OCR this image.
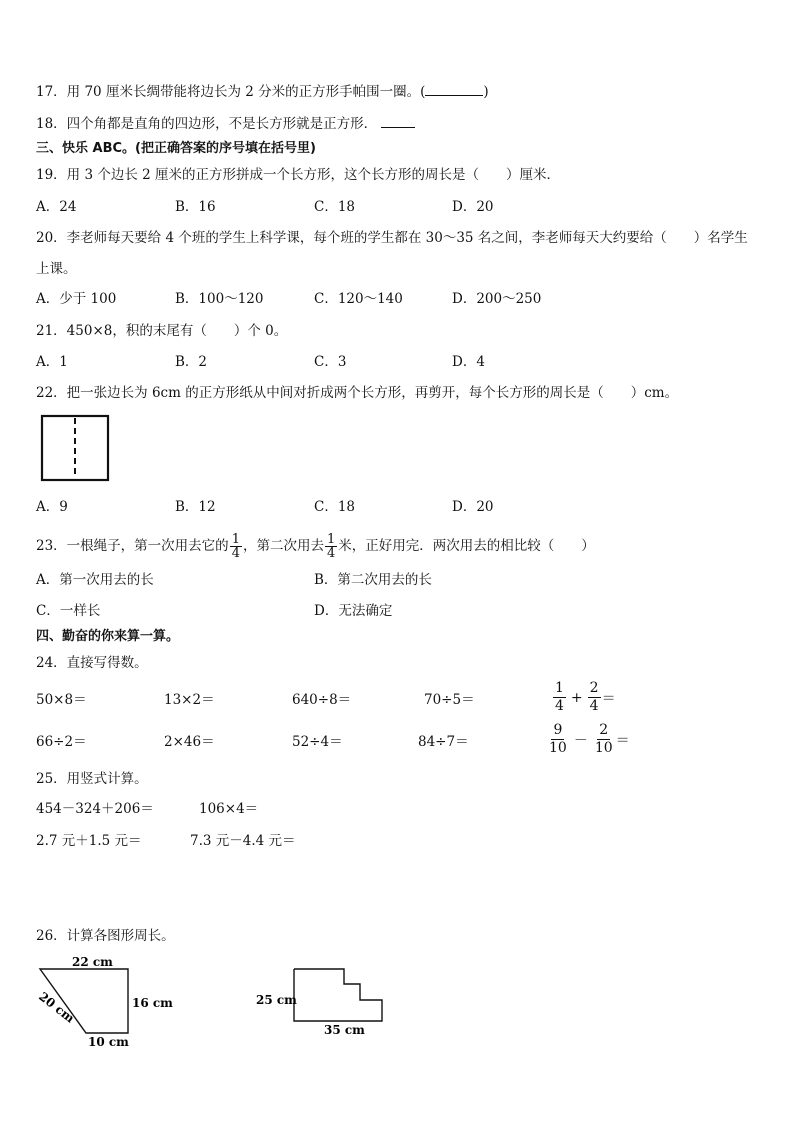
17．用 70 厘米长绸带能将边长为 2 分米的正方形手帕围一圈。(	)
18．四个角都是直角的四边形，不是长方形就是正方形．
三、快乐 ABC。(把正确答案的序号填在括号里)
19．用 3 个边长 2 厘米的正方形拼成一个长方形，这个长方形的周长是（　　）厘米．
A．24	B．16	C．18	D．20
20．李老师每天要给 4 个班的学生上科学课，每个班的学生都在 30～35 名之间，李老师每天大约要给（　　）名学生
上课。
A．少于 100	B．100～120	C．120～140	D．200～250
21．450×8，积的末尾有（　　）个 0。
A．1	B．2	C．3	D．4
22．把一张边长为 6cm 的正方形纸从中间对折成两个长方形，再剪开，每个长方形的周长是（　　）cm。
A．9	B．12	C．18	D．20
23．一根绳子，第一次用去它的 $\frac{1}{4}$ ，第二次用去 $\frac{1}{4}$ 米，正好用完．两次用去的相比较（　　）
A．第一次用去的长	B．第二次用去的长
C．一样长	D．无法确定
四、勤奋的你来算一算。
24．直接写得数。
50×8＝	13×2＝	640÷8＝	70÷5＝	$\frac{1}{4} + \frac{2}{4}$ ＝
66÷2＝	2×46＝	52÷4＝	84÷7＝	$\frac{9}{10} - \frac{2}{10}$ ＝
25．用竖式计算。
454－324＋206＝	106×4＝
2.7 元＋1.5 元＝	7.3 元－4.4 元＝
26．计算各图形周长。
22 cm
16 cm
20 cm
10 cm
25 cm
35 cm
